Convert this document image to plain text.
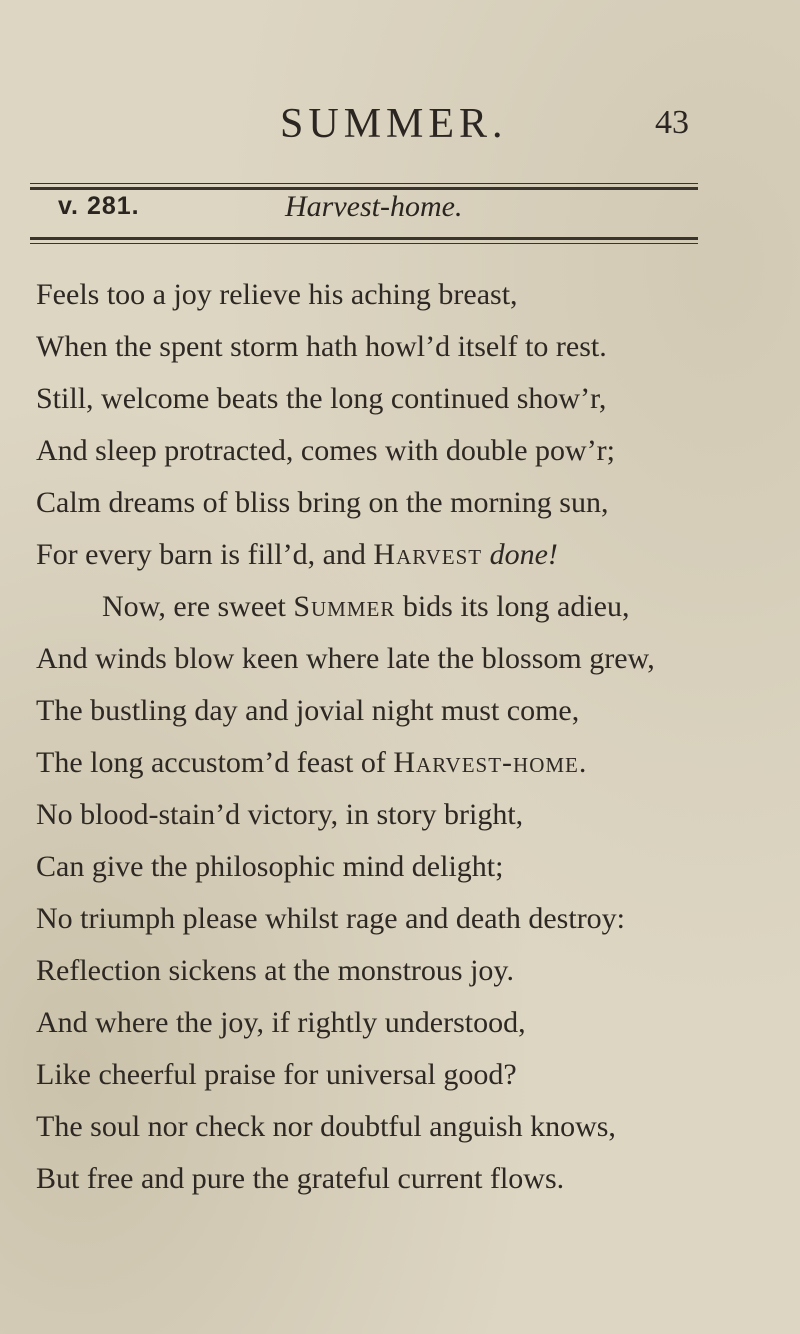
SUMMER.	43
v. 281.	Harvest-home.
Feels too a joy relieve his aching breast,
When the spent storm hath howl’d itself to rest.
Still, welcome beats the long continued show’r,
And sleep protracted, comes with double pow’r;
Calm dreams of bliss bring on the morning sun,
For every barn is fill’d, and Harvest done!
Now, ere sweet Summer bids its long adieu,
And winds blow keen where late the blossom grew,
The bustling day and jovial night must come,
The long accustom’d feast of Harvest-home.
No blood-stain’d victory, in story bright,
Can give the philosophic mind delight;
No triumph please whilst rage and death destroy:
Reflection sickens at the monstrous joy.
And where the joy, if rightly understood,
Like cheerful praise for universal good?
The soul nor check nor doubtful anguish knows,
But free and pure the grateful current flows.
